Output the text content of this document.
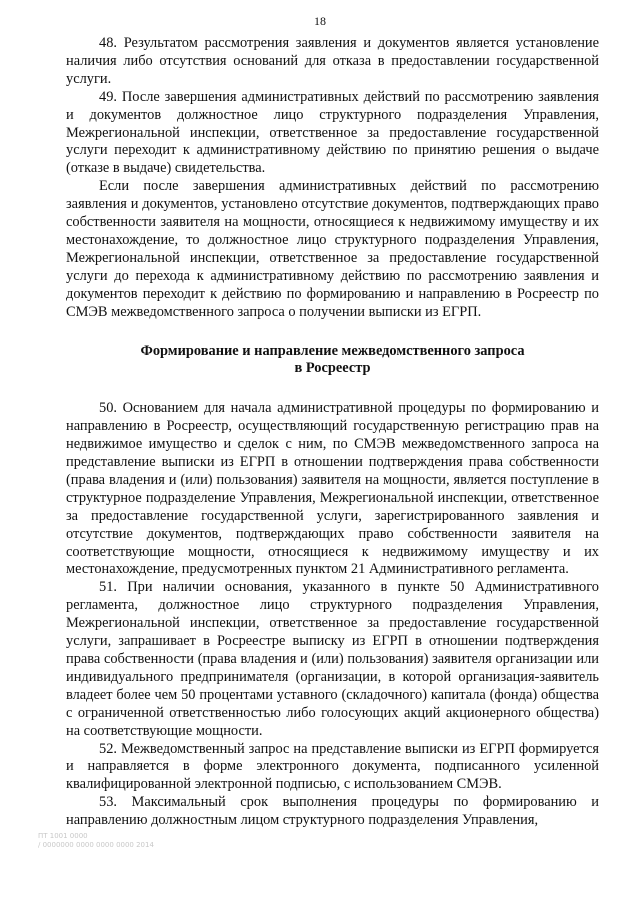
18

48. Результатом рассмотрения заявления и документов является установление наличия либо отсутствия оснований для отказа в предоставлении государственной услуги.

49. После завершения административных действий по рассмотрению заявления и документов должностное лицо структурного подразделения Управления, Межрегиональной инспекции, ответственное за предоставление государственной услуги переходит к административному действию по принятию решения о выдаче (отказе в выдаче) свидетельства.

Если после завершения административных действий по рассмотрению заявления и документов, установлено отсутствие документов, подтверждающих право собственности заявителя на мощности, относящиеся к недвижимому имуществу и их местонахождение, то должностное лицо структурного подразделения Управления, Межрегиональной инспекции, ответственное за предоставление государственной услуги до перехода к административному действию по рассмотрению заявления и документов переходит к действию по формированию и направлению в Росреестр по СМЭВ межведомственного запроса о получении выписки из ЕГРП.

Формирование и направление межведомственного запроса
в Росреестр

50. Основанием для начала административной процедуры по формированию и направлению в Росреестр, осуществляющий государственную регистрацию прав на недвижимое имущество и сделок с ним, по СМЭВ межведомственного запроса на представление выписки из ЕГРП в отношении подтверждения права собственности (права владения и (или) пользования) заявителя на мощности, является поступление в структурное подразделение Управления, Межрегиональной инспекции, ответственное за предоставление государственной услуги, зарегистрированного заявления и отсутствие документов, подтверждающих право собственности заявителя на соответствующие мощности, относящиеся к недвижимому имуществу и их местонахождение, предусмотренных пунктом 21 Административного регламента.

51. При наличии основания, указанного в пункте 50 Административного регламента, должностное лицо структурного подразделения Управления, Межрегиональной инспекции, ответственное за предоставление государственной услуги, запрашивает в Росреестре выписку из ЕГРП в отношении подтверждения права собственности (права владения и (или) пользования) заявителя организации или индивидуального предпринимателя (организации, в которой организация-заявитель владеет более чем 50 процентами уставного (складочного) капитала (фонда) общества с ограниченной ответственностью либо голосующих акций акционерного общества) на соответствующие мощности.

52. Межведомственный запрос на представление выписки из ЕГРП формируется и направляется в форме электронного документа, подписанного усиленной квалифицированной электронной подписью, с использованием СМЭВ.

53. Максимальный срок выполнения процедуры по формированию и направлению должностным лицом структурного подразделения Управления,

ПТ 1001 0000
/ 0000000 0000 0000 0000 2014
